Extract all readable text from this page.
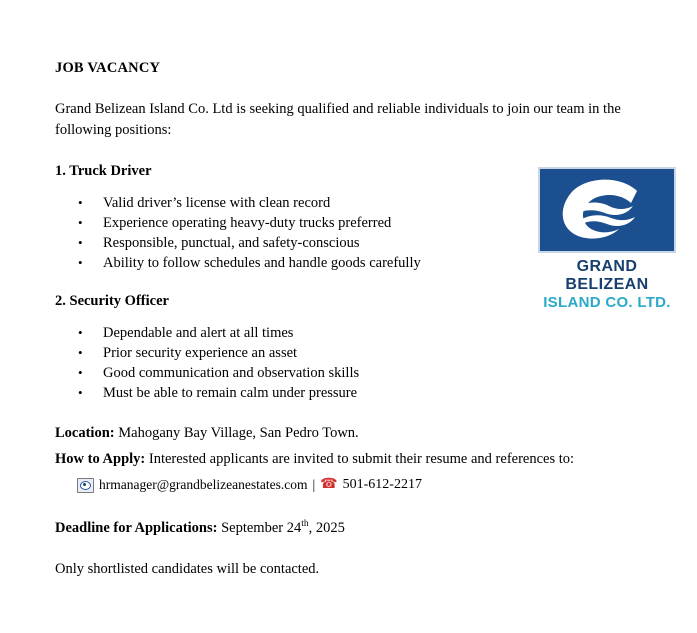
JOB VACANCY

Grand Belizean Island Co. Ltd is seeking qualified and reliable individuals to join our team in the following positions:

1. Truck Driver

• Valid driver’s license with clean record
• Experience operating heavy-duty trucks preferred
• Responsible, punctual, and safety-conscious
• Ability to follow schedules and handle goods carefully

2. Security Officer

• Dependable and alert at all times
• Prior security experience an asset
• Good communication and observation skills
• Must be able to remain calm under pressure

Location: Mahogany Bay Village, San Pedro Town.

How to Apply: Interested applicants are invited to submit their resume and references to:

hrmanager@grandbelizeanestates.com | ☎ 501-612-2217

Deadline for Applications: September 24th, 2025

Only shortlisted candidates will be contacted.

GRAND BELIZEAN
ISLAND CO. LTD.
